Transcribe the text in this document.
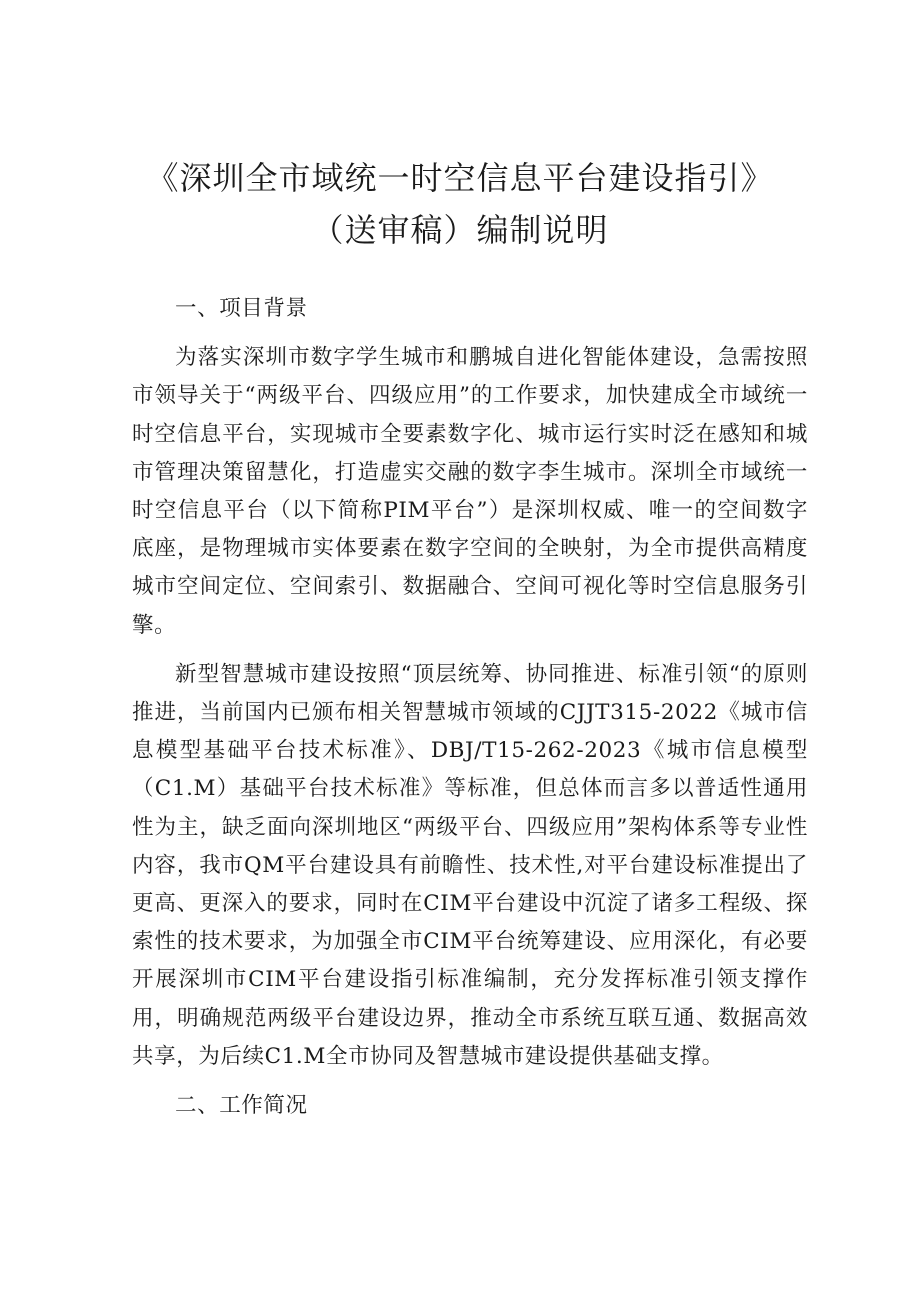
《深圳全市域统一时空信息平台建设指引》
（送审稿）编制说明

一、项目背景

为落实深圳市数字学生城市和鹏城自进化智能体建设，急需按照市领导关于“两级平台、四级应用”的工作要求，加快建成全市域统一时空信息平台，实现城市全要素数字化、城市运行实时泛在感知和城市管理决策留慧化，打造虚实交融的数字李生城市。深圳全市域统一时空信息平台（以下简称PIM平台”）是深圳权威、唯一的空间数字底座，是物理城市实体要素在数字空间的全映射，为全市提供高精度城市空间定位、空间索引、数据融合、空间可视化等时空信息服务引擎。

新型智慧城市建设按照“顶层统筹、协同推进、标准引领“的原则推进，当前国内已颁布相关智慧城市领域的CJJT315-2022《城市信息模型基础平台技术标准》、DBJ/T15-262-2023《城市信息模型（C1.M）基础平台技术标准》等标准，但总体而言多以普适性通用性为主，缺乏面向深圳地区“两级平台、四级应用”架构体系等专业性内容，我市QM平台建设具有前瞻性、技术性,对平台建设标准提出了更高、更深入的要求，同时在CIM平台建设中沉淀了诸多工程级、探索性的技术要求，为加强全市CIM平台统筹建设、应用深化，有必要开展深圳市CIM平台建设指引标准编制，充分发挥标准引领支撑作用，明确规范两级平台建设边界，推动全市系统互联互通、数据高效共享，为后续C1.M全市协同及智慧城市建设提供基础支撑。

二、工作简况
